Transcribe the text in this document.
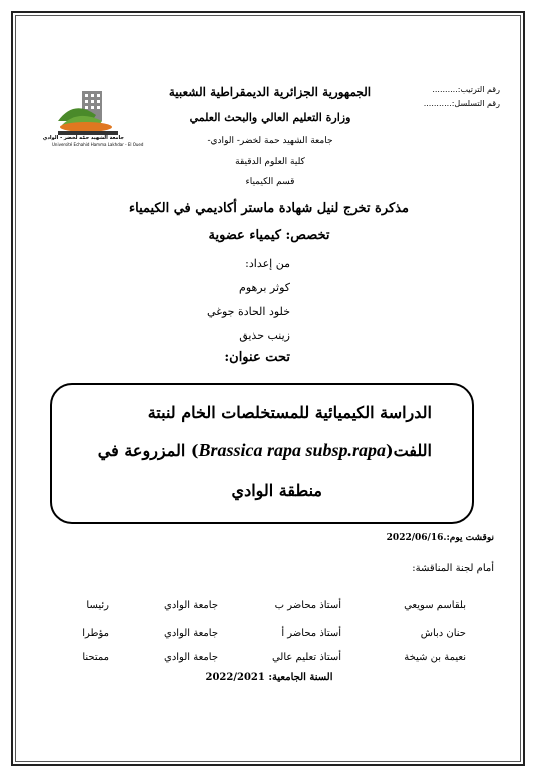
رقم الترتيب:..........
رقم التسلسل:...........
جامعة الشهيد حمّه لخضر - الوادي
Université Echahid Hamma Lakhdar - El Oued
الجمهورية الجزائرية الديمقراطية الشعبية
وزارة التعليم العالي والبحث العلمي
جامعة الشهيد حمة لخضر- الوادي-
كلية العلوم الدقيقة
قسم الكيمياء
مذكرة تخرج لنيل شهادة ماستر أكاديمي في الكيمياء
تخصص: كيمياء عضوية
من إعداد:
كوثر برهوم
خلود الحادة جوغي
زينب حذيق
تحت عنوان:
الدراسة الكيميائية للمستخلصات الخام لنبتة
اللفت(Brassica rapa subsp.rapa) المزروعة في
منطقة الوادي
نوقشت يوم:2022/06/16.
أمام لجنة المناقشة:
بلقاسم سويعي
أستاذ محاضر ب
جامعة الوادي
رئيسا
حنان دباش
أستاذ محاضر أ
جامعة الوادي
مؤطرا
نعيمة بن شيخة
أستاذ تعليم عالي
جامعة الوادي
ممتحنا
السنة الجامعية: 2022/2021
